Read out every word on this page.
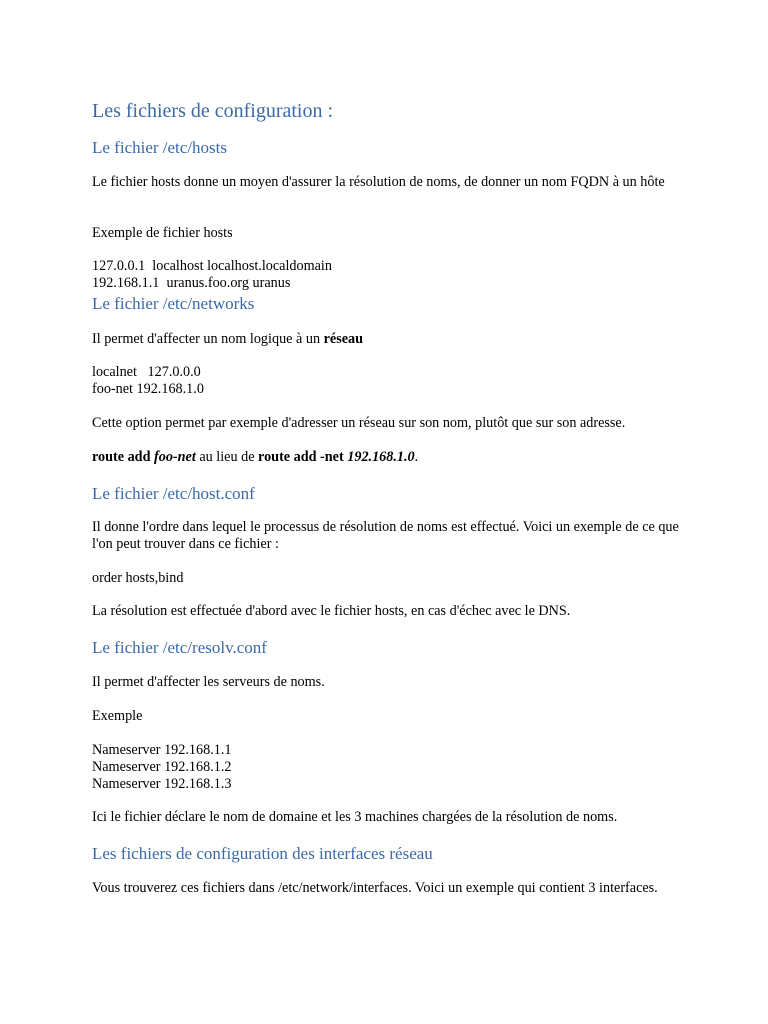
Les fichiers de configuration :
Le fichier /etc/hosts

Le fichier hosts donne un moyen d'assurer la résolution de noms, de donner un nom FQDN à un hôte

Exemple de fichier hosts

127.0.0.1  localhost localhost.localdomain
192.168.1.1  uranus.foo.org uranus

Le fichier /etc/networks

Il permet d'affecter un nom logique à un réseau

localnet   127.0.0.0
foo-net 192.168.1.0

Cette option permet par exemple d'adresser un réseau sur son nom, plutôt que sur son adresse.

route add foo-net au lieu de route add -net 192.168.1.0.

Le fichier /etc/host.conf

Il donne l'ordre dans lequel le processus de résolution de noms est effectué. Voici un exemple de ce que l'on peut trouver dans ce fichier :

order hosts,bind

La résolution est effectuée d'abord avec le fichier hosts, en cas d'échec avec le DNS.

Le fichier /etc/resolv.conf

Il permet d'affecter les serveurs de noms.

Exemple

Nameserver 192.168.1.1
Nameserver 192.168.1.2
Nameserver 192.168.1.3

Ici le fichier déclare le nom de domaine et les 3 machines chargées de la résolution de noms.

Les fichiers de configuration des interfaces réseau

Vous trouverez ces fichiers dans /etc/network/interfaces. Voici un exemple qui contient 3 interfaces.
